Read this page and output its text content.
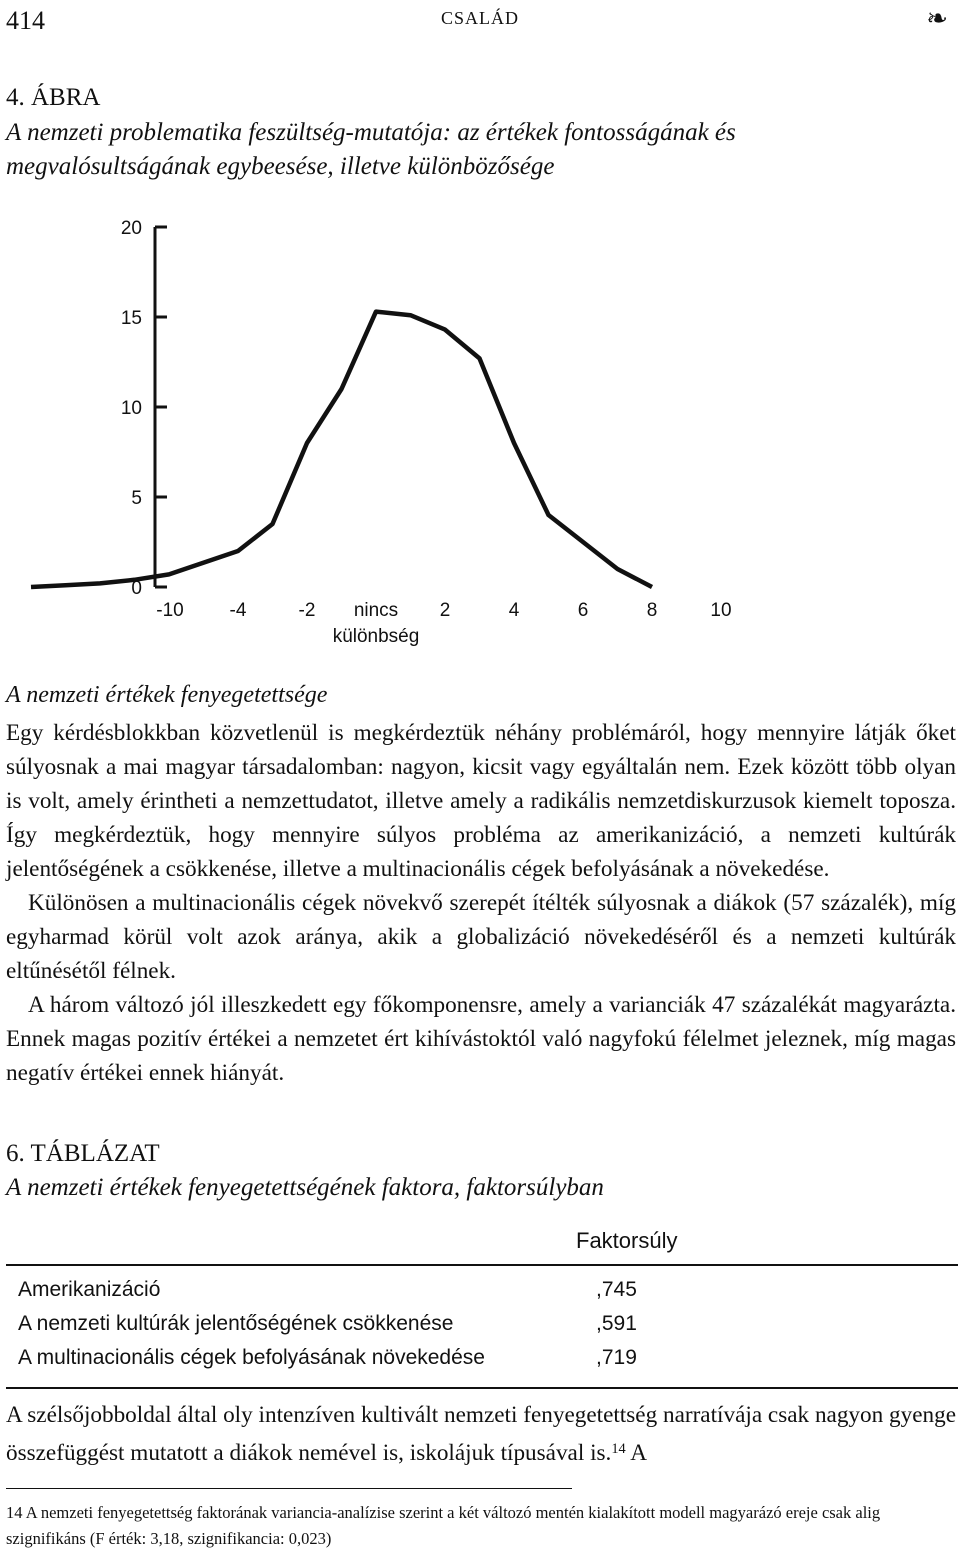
414	CSALÁD	❧
4. ÁBRA
A nemzeti problematika feszültség-mutatója: az értékek fontosságának és megvalósultságának egybeesése, illetve különbözősége
0
5
10
15
20
-10 -4	-2 nincs
különbség
2	4	6	8	10
A nemzeti értékek fenyegetettsége

Egy kérdésblokkban közvetlenül is megkérdeztük néhány problémáról, hogy mennyire látják őket súlyosnak a mai magyar társadalomban: nagyon, kicsit vagy egyáltalán nem. Ezek között több olyan is volt, amely érintheti a nemzettudatot, illetve amely a radikális nemzetdiskurzusok kiemelt toposza. Így megkérdeztük, hogy mennyire súlyos probléma az amerikanizáció, a nemzeti kultúrák jelentőségének a csökkenése, illetve a multinacionális cégek befolyásának a növekedése.

Különösen a multinacionális cégek növekvő szerepét ítélték súlyosnak a diákok (57 százalék), míg egyharmad körül volt azok aránya, akik a globalizáció növekedéséről és a nemzeti kultúrák eltűnésétől félnek.

A három változó jól illeszkedett egy főkomponensre, amely a varianciák 47 százalékát magyarázta. Ennek magas pozitív értékei a nemzetet ért kihívástoktól való nagyfokú félelmet jeleznek, míg magas negatív értékei ennek hiányát.

6. TÁBLÁZAT
A nemzeti értékek fenyegetettségének faktora, faktorsúlyban
Faktorsúly
Amerikanizáció	,745
A nemzeti kultúrák jelentőségének csökkenése	,591
A multinacionális cégek befolyásának növekedése	,719
A szélsőjobboldal által oly intenzíven kultivált nemzeti fenyegetettség narratívája csak nagyon gyenge összefüggést mutatott a diákok nemével is, iskolájuk típusával is.$^{14}$ A
14 A nemzeti fenyegetettség faktorának variancia-analízise szerint a két változó mentén kialakított modell magyarázó ereje csak alig szignifikáns (F érték: 3,18, szignifikancia: 0,023)
